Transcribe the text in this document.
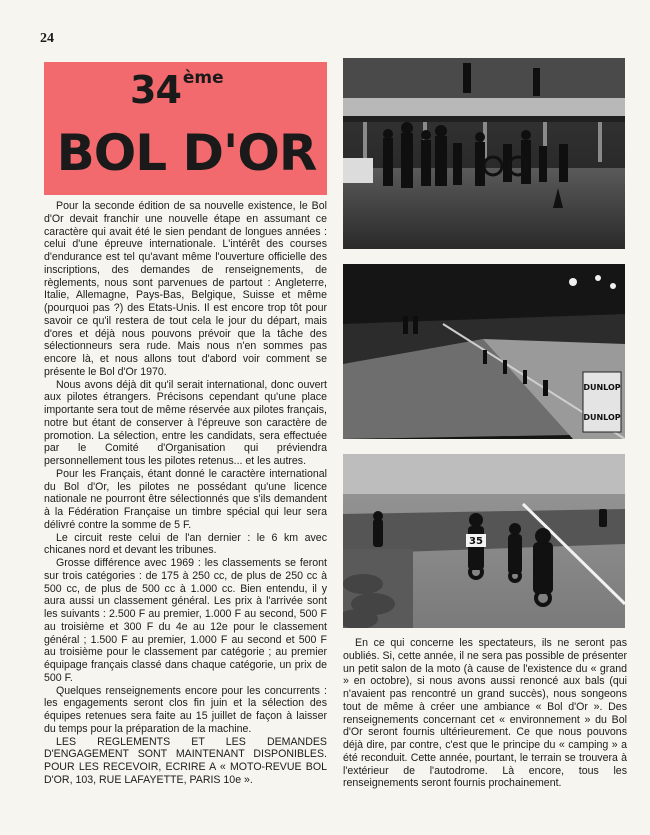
24
34 $^{ème}$
BOL D'OR

Pour la seconde édition de sa nouvelle existence, le Bol d'Or devait franchir une nouvelle étape en assumant ce caractère qui avait été le sien pendant de longues années : celui d'une épreuve internationale. L'intérêt des courses d'endurance est tel qu'avant même l'ouverture officielle des inscriptions, des demandes de renseignements, de règlements, nous sont parvenues de partout : Angleterre, Italie, Allemagne, Pays-Bas, Belgique, Suisse et même (pourquoi pas ?) des Etats-Unis. Il est encore trop tôt pour savoir ce qu'il restera de tout cela le jour du départ, mais d'ores et déjà nous pouvons prévoir que la tâche des sélectionneurs sera rude. Mais nous n'en sommes pas encore là, et nous allons tout d'abord voir comment se présente le Bol d'Or 1970.

Nous avons déjà dit qu'il serait international, donc ouvert aux pilotes étrangers. Précisons cependant qu'une place importante sera tout de même réservée aux pilotes français, notre but étant de conserver à l'épreuve son caractère de promotion. La sélection, entre les candidats, sera effectuée par le Comité d'Organisation qui préviendra personnellement tous les pilotes retenus... et les autres.

Pour les Français, étant donné le caractère international du Bol d'Or, les pilotes ne possédant qu'une licence nationale ne pourront être sélectionnés que s'ils demandent à la Fédération Française un timbre spécial qui leur sera délivré contre la somme de 5 F.

Le circuit reste celui de l'an dernier : le 6 km avec chicanes nord et devant les tribunes.

Grosse différence avec 1969 : les classements se feront sur trois catégories : de 175 à 250 cc, de plus de 250 cc à 500 cc, de plus de 500 cc à 1.000 cc. Bien entendu, il y aura aussi un classement général. Les prix à l'arrivée sont les suivants : 2.500 F au premier, 1.000 F au second, 500 F au troisième et 300 F du 4e au 12e pour le classement général ; 1.500 F au premier, 1.000 F au second et 500 F au troisième pour le classement par catégorie ; au premier équipage français classé dans chaque catégorie, un prix de 500 F.

Quelques renseignements encore pour les concurrents : les engagements seront clos fin juin et la sélection des équipes retenues sera faite au 15 juillet de façon à laisser du temps pour la préparation de la machine.

LES REGLEMENTS ET LES DEMANDES D'ENGAGEMENT SONT MAINTENANT DISPONIBLES. POUR LES RECEVOIR, ECRIRE A « MOTO-REVUE BOL D'OR, 103, RUE LAFAYETTE, PARIS 10e ».

DUNLOP
DUNLOP
35

En ce qui concerne les spectateurs, ils ne seront pas oubliés. Si, cette année, il ne sera pas possible de présenter un petit salon de la moto (à cause de l'existence du « grand » en octobre), si nous avons aussi renoncé aux bals (qui n'avaient pas rencontré un grand succès), nous songeons tout de même à créer une ambiance « Bol d'Or ». Des renseignements concernant cet « environnement » du Bol d'Or seront fournis ultérieurement. Ce que nous pouvons déjà dire, par contre, c'est que le principe du « camping » a été reconduit. Cette année, pourtant, le terrain se trouvera à l'extérieur de l'autodrome. Là encore, tous les renseignements seront fournis prochainement.
